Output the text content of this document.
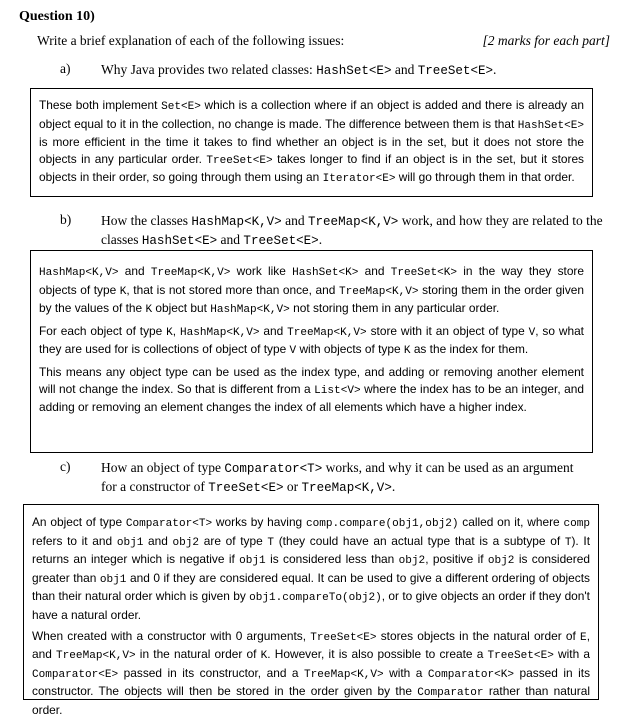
Question 10)
Write a brief explanation of each of the following issues:	[2 marks for each part]
a) Why Java provides two related classes: HashSet<E> and TreeSet<E>.

These both implement Set<E> which is a collection where if an object is added and there is already an object equal to it in the collection, no change is made. The difference between them is that HashSet<E> is more efficient in the time it takes to find whether an object is in the set, but it does not store the objects in any particular order. TreeSet<E> takes longer to find if an object is in the set, but it stores objects in their order, so going through them using an Iterator<E> will go through them in that order.

b) How the classes HashMap<K,V> and TreeMap<K,V> work, and how they are related to the classes HashSet<E> and TreeSet<E>.

HashMap<K,V> and TreeMap<K,V> work like HashSet<K> and TreeSet<K> in the way they store objects of type K, that is not stored more than once, and TreeMap<K,V> storing them in the order given by the values of the K object but HashMap<K,V> not storing them in any particular order.

For each object of type K, HashMap<K,V> and TreeMap<K,V> store with it an object of type V, so what they are used for is collections of object of type V with objects of type K as the index for them.

This means any object type can be used as the index type, and adding or removing another element will not change the index. So that is different from a List<V> where the index has to be an integer, and adding or removing an element changes the index of all elements which have a higher index.

c) How an object of type Comparator<T> works, and why it can be used as an argument for a constructor of TreeSet<E> or TreeMap<K,V>.

An object of type Comparator<T> works by having comp.compare(obj1,obj2) called on it, where comp refers to it and obj1 and obj2 are of type T (they could have an actual type that is a subtype of T). It returns an integer which is negative if obj1 is considered less than obj2, positive if obj2 is considered greater than obj1 and 0 if they are considered equal. It can be used to give a different ordering of objects than their natural order which is given by obj1.compareTo(obj2), or to give objects an order if they don't have a natural order.

When created with a constructor with 0 arguments, TreeSet<E> stores objects in the natural order of E, and TreeMap<K,V> in the natural order of K. However, it is also possible to create a TreeSet<E> with a Comparator<E> passed in its constructor, and a TreeMap<K,V> with a Comparator<K> passed in its constructor. The objects will then be stored in the order given by the Comparator rather than natural order.
